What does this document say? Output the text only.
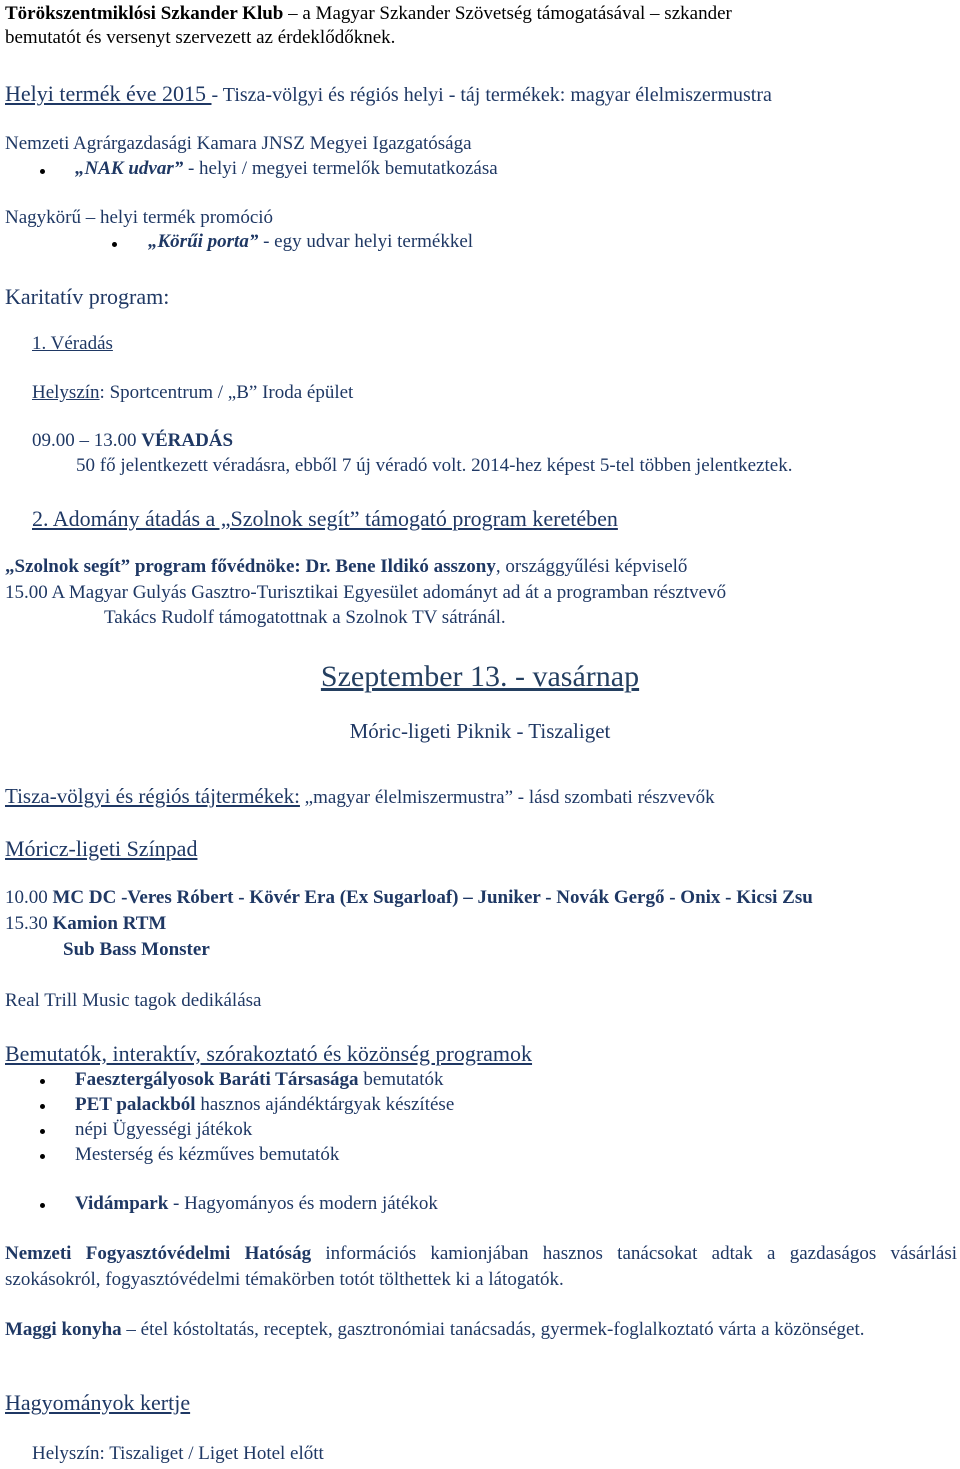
Törökszentmiklósi Szkander Klub – a Magyar Szkander Szövetség támogatásával – szkander
bemutatót és versenyt szervezett az érdeklődőknek.
Helyi termék éve 2015 - Tisza-völgyi és régiós helyi - táj termékek: magyar élelmiszermustra
Nemzeti Agrárgazdasági Kamara JNSZ Megyei Igazgatósága
„NAK udvar” - helyi / megyei termelők bemutatkozása
Nagykörű – helyi termék promóció
„Körűi porta” - egy udvar helyi termékkel
Karitatív program:
1. Véradás
Helyszín: Sportcentrum / „B” Iroda épület
09.00 – 13.00 VÉRADÁS
50 fő jelentkezett véradásra, ebből 7 új véradó volt. 2014-hez képest 5-tel többen jelentkeztek.
2. Adomány átadás a „Szolnok segít” támogató program keretében
„Szolnok segít” program fővédnöke: Dr. Bene Ildikó asszony, országgyűlési képviselő
15.00 A Magyar Gulyás Gasztro-Turisztikai Egyesület adományt ad át a programban résztvevő
Takács Rudolf támogatottnak a Szolnok TV sátránál.
Szeptember 13. - vasárnap
Móric-ligeti Piknik - Tiszaliget
Tisza-völgyi és régiós tájtermékek: „magyar élelmiszermustra” - lásd szombati részvevők
Móricz-ligeti Színpad
10.00 MC DC -Veres Róbert - Kövér Era (Ex Sugarloaf) – Juniker - Novák Gergő - Onix - Kicsi Zsu
15.30 Kamion RTM
Sub Bass Monster
Real Trill Music tagok dedikálása
Bemutatók, interaktív, szórakoztató és közönség programok
Faesztergályosok Baráti Társasága bemutatók
PET palackból hasznos ajándéktárgyak készítése
népi Ügyességi játékok
Mesterség és kézműves bemutatók
Vidámpark - Hagyományos és modern játékok
Nemzeti Fogyasztóvédelmi Hatóság információs kamionjában hasznos tanácsokat adtak a gazdaságos vásárlási szokásokról, fogyasztóvédelmi témakörben totót tölthettek ki a látogatók.
Maggi konyha – étel kóstoltatás, receptek, gasztronómiai tanácsadás, gyermek-foglalkoztató várta a közönséget.
Hagyományok kertje
Helyszín: Tiszaliget / Liget Hotel előtt
